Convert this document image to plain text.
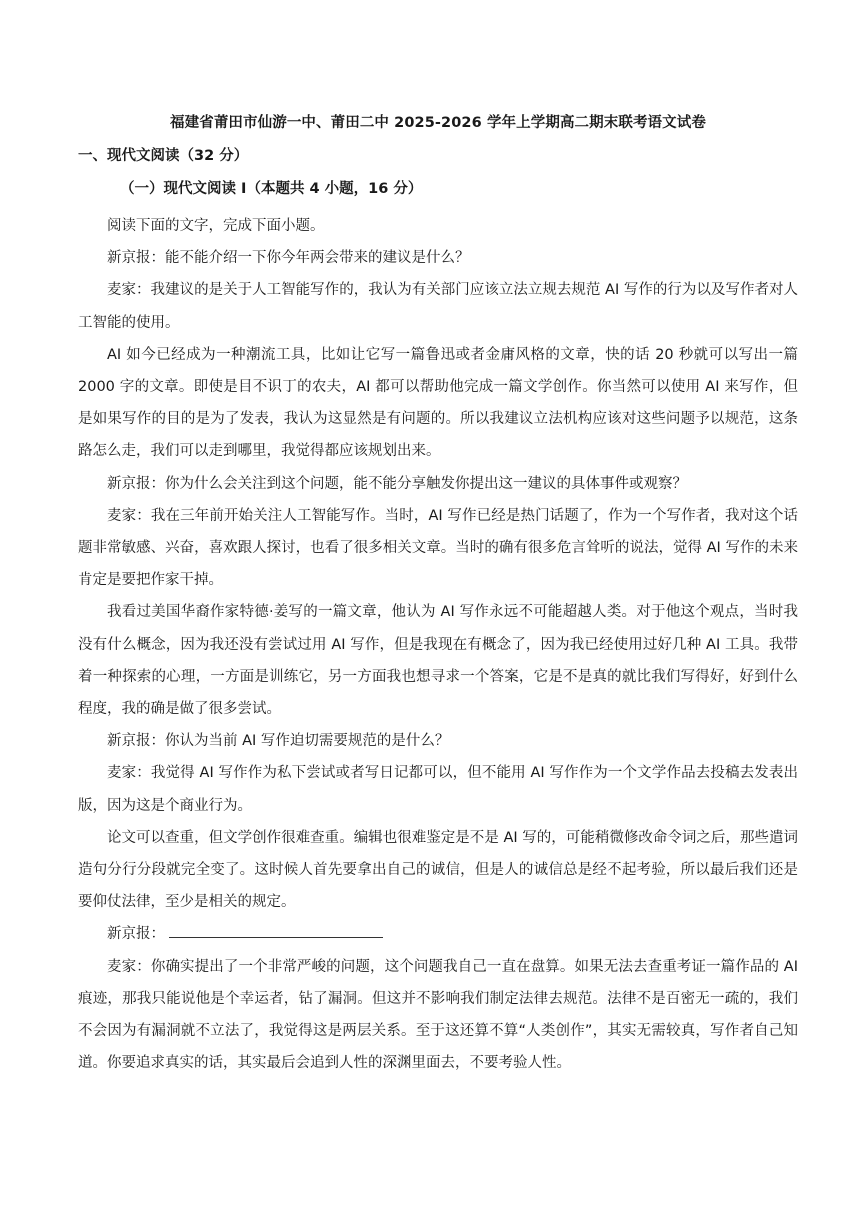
福建省莆田市仙游一中、莆田二中 2025-2026 学年上学期高二期末联考语文试卷
一、现代文阅读（32 分）
（一）现代文阅读 I（本题共 4 小题，16 分）

阅读下面的文字，完成下面小题。

新京报：能不能介绍一下你今年两会带来的建议是什么？

麦家：我建议的是关于人工智能写作的，我认为有关部门应该立法立规去规范 AI 写作的行为以及写作者对人工智能的使用。

AI 如今已经成为一种潮流工具，比如让它写一篇鲁迅或者金庸风格的文章，快的话 20 秒就可以写出一篇 2000 字的文章。即使是目不识丁的农夫，AI 都可以帮助他完成一篇文学创作。你当然可以使用 AI 来写作，但是如果写作的目的是为了发表，我认为这显然是有问题的。所以我建议立法机构应该对这些问题予以规范，这条路怎么走，我们可以走到哪里，我觉得都应该规划出来。

新京报：你为什么会关注到这个问题，能不能分享触发你提出这一建议的具体事件或观察？

麦家：我在三年前开始关注人工智能写作。当时，AI 写作已经是热门话题了，作为一个写作者，我对这个话题非常敏感、兴奋，喜欢跟人探讨，也看了很多相关文章。当时的确有很多危言耸听的说法，觉得 AI 写作的未来肯定是要把作家干掉。

我看过美国华裔作家特德·姜写的一篇文章，他认为 AI 写作永远不可能超越人类。对于他这个观点，当时我没有什么概念，因为我还没有尝试过用 AI 写作，但是我现在有概念了，因为我已经使用过好几种 AI 工具。我带着一种探索的心理，一方面是训练它，另一方面我也想寻求一个答案，它是不是真的就比我们写得好，好到什么程度，我的确是做了很多尝试。

新京报：你认为当前 AI 写作迫切需要规范的是什么？

麦家：我觉得 AI 写作作为私下尝试或者写日记都可以，但不能用 AI 写作作为一个文学作品去投稿去发表出版，因为这是个商业行为。

论文可以查重，但文学创作很难查重。编辑也很难鉴定是不是 AI 写的，可能稍微修改命令词之后，那些遣词造句分行分段就完全变了。这时候人首先要拿出自己的诚信，但是人的诚信总是经不起考验，所以最后我们还是要仰仗法律，至少是相关的规定。

新京报：

麦家：你确实提出了一个非常严峻的问题，这个问题我自己一直在盘算。如果无法去查重考证一篇作品的 AI 痕迹，那我只能说他是个幸运者，钻了漏洞。但这并不影响我们制定法律去规范。法律不是百密无一疏的，我们不会因为有漏洞就不立法了，我觉得这是两层关系。至于这还算不算“人类创作”，其实无需较真，写作者自己知道。你要追求真实的话，其实最后会追到人性的深渊里面去，不要考验人性。
